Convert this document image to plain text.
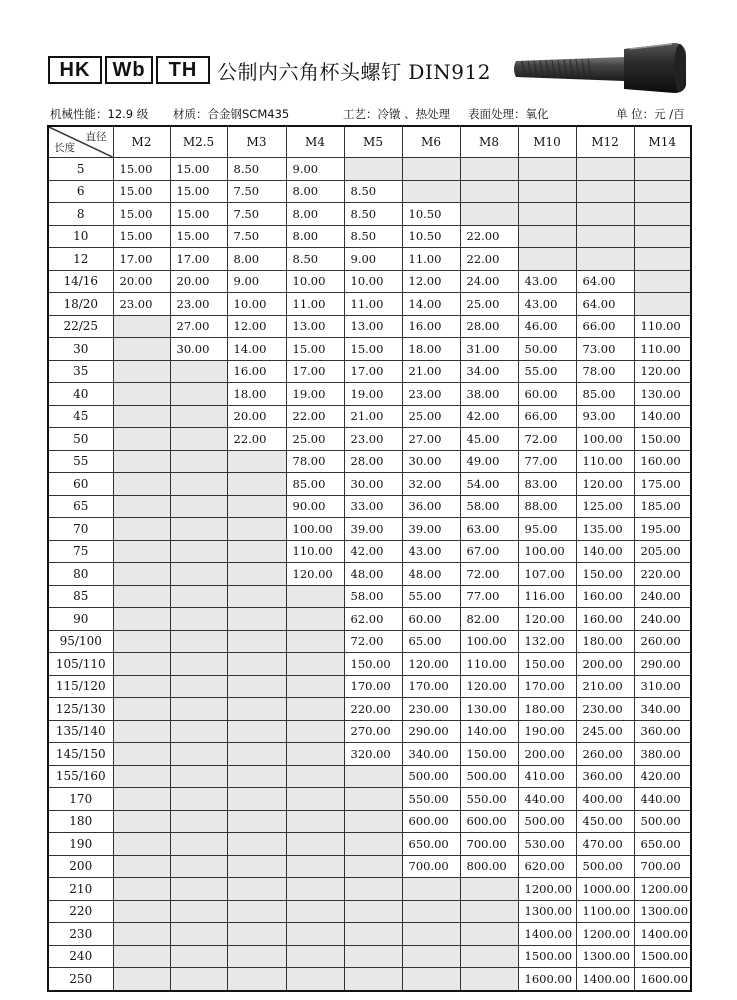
HK	Wb	TH 公制内六角杯头螺钉 DIN912
机械性能：12.9 级 材质：合金钢SCM435	工艺：冷镦 、热处理 表面处理：氧化	单 位：元 /百
直径
长度	M2	M2.5	M3	M4	M5	M6	M8	M10	M12	M14
5	15.00	15.00	8.50	9.00						
6	15.00	15.00	7.50	8.00	8.50					
8	15.00	15.00	7.50	8.00	8.50	10.50				
10	15.00	15.00	7.50	8.00	8.50	10.50	22.00			
12	17.00	17.00	8.00	8.50	9.00	11.00	22.00			
14/16	20.00	20.00	9.00	10.00	10.00	12.00	24.00	43.00	64.00	
18/20	23.00	23.00	10.00	11.00	11.00	14.00	25.00	43.00	64.00	
22/25		27.00	12.00	13.00	13.00	16.00	28.00	46.00	66.00	110.00
30		30.00	14.00	15.00	15.00	18.00	31.00	50.00	73.00	110.00
35			16.00	17.00	17.00	21.00	34.00	55.00	78.00	120.00
40			18.00	19.00	19.00	23.00	38.00	60.00	85.00	130.00
45			20.00	22.00	21.00	25.00	42.00	66.00	93.00	140.00
50			22.00	25.00	23.00	27.00	45.00	72.00	100.00	150.00
55				78.00	28.00	30.00	49.00	77.00	110.00	160.00
60				85.00	30.00	32.00	54.00	83.00	120.00	175.00
65				90.00	33.00	36.00	58.00	88.00	125.00	185.00
70				100.00	39.00	39.00	63.00	95.00	135.00	195.00
75				110.00	42.00	43.00	67.00	100.00	140.00	205.00
80				120.00	48.00	48.00	72.00	107.00	150.00	220.00
85					58.00	55.00	77.00	116.00	160.00	240.00
90					62.00	60.00	82.00	120.00	160.00	240.00
95/100					72.00	65.00	100.00	132.00	180.00	260.00
105/110					150.00	120.00	110.00	150.00	200.00	290.00
115/120					170.00	170.00	120.00	170.00	210.00	310.00
125/130					220.00	230.00	130.00	180.00	230.00	340.00
135/140					270.00	290.00	140.00	190.00	245.00	360.00
145/150					320.00	340.00	150.00	200.00	260.00	380.00
155/160						500.00	500.00	410.00	360.00	420.00
170						550.00	550.00	440.00	400.00	440.00
180						600.00	600.00	500.00	450.00	500.00
190						650.00	700.00	530.00	470.00	650.00
200						700.00	800.00	620.00	500.00	700.00
210								1200.00	1000.00	1200.00
220								1300.00	1100.00	1300.00
230								1400.00	1200.00	1400.00
240								1500.00	1300.00	1500.00
250								1600.00	1400.00	1600.00
